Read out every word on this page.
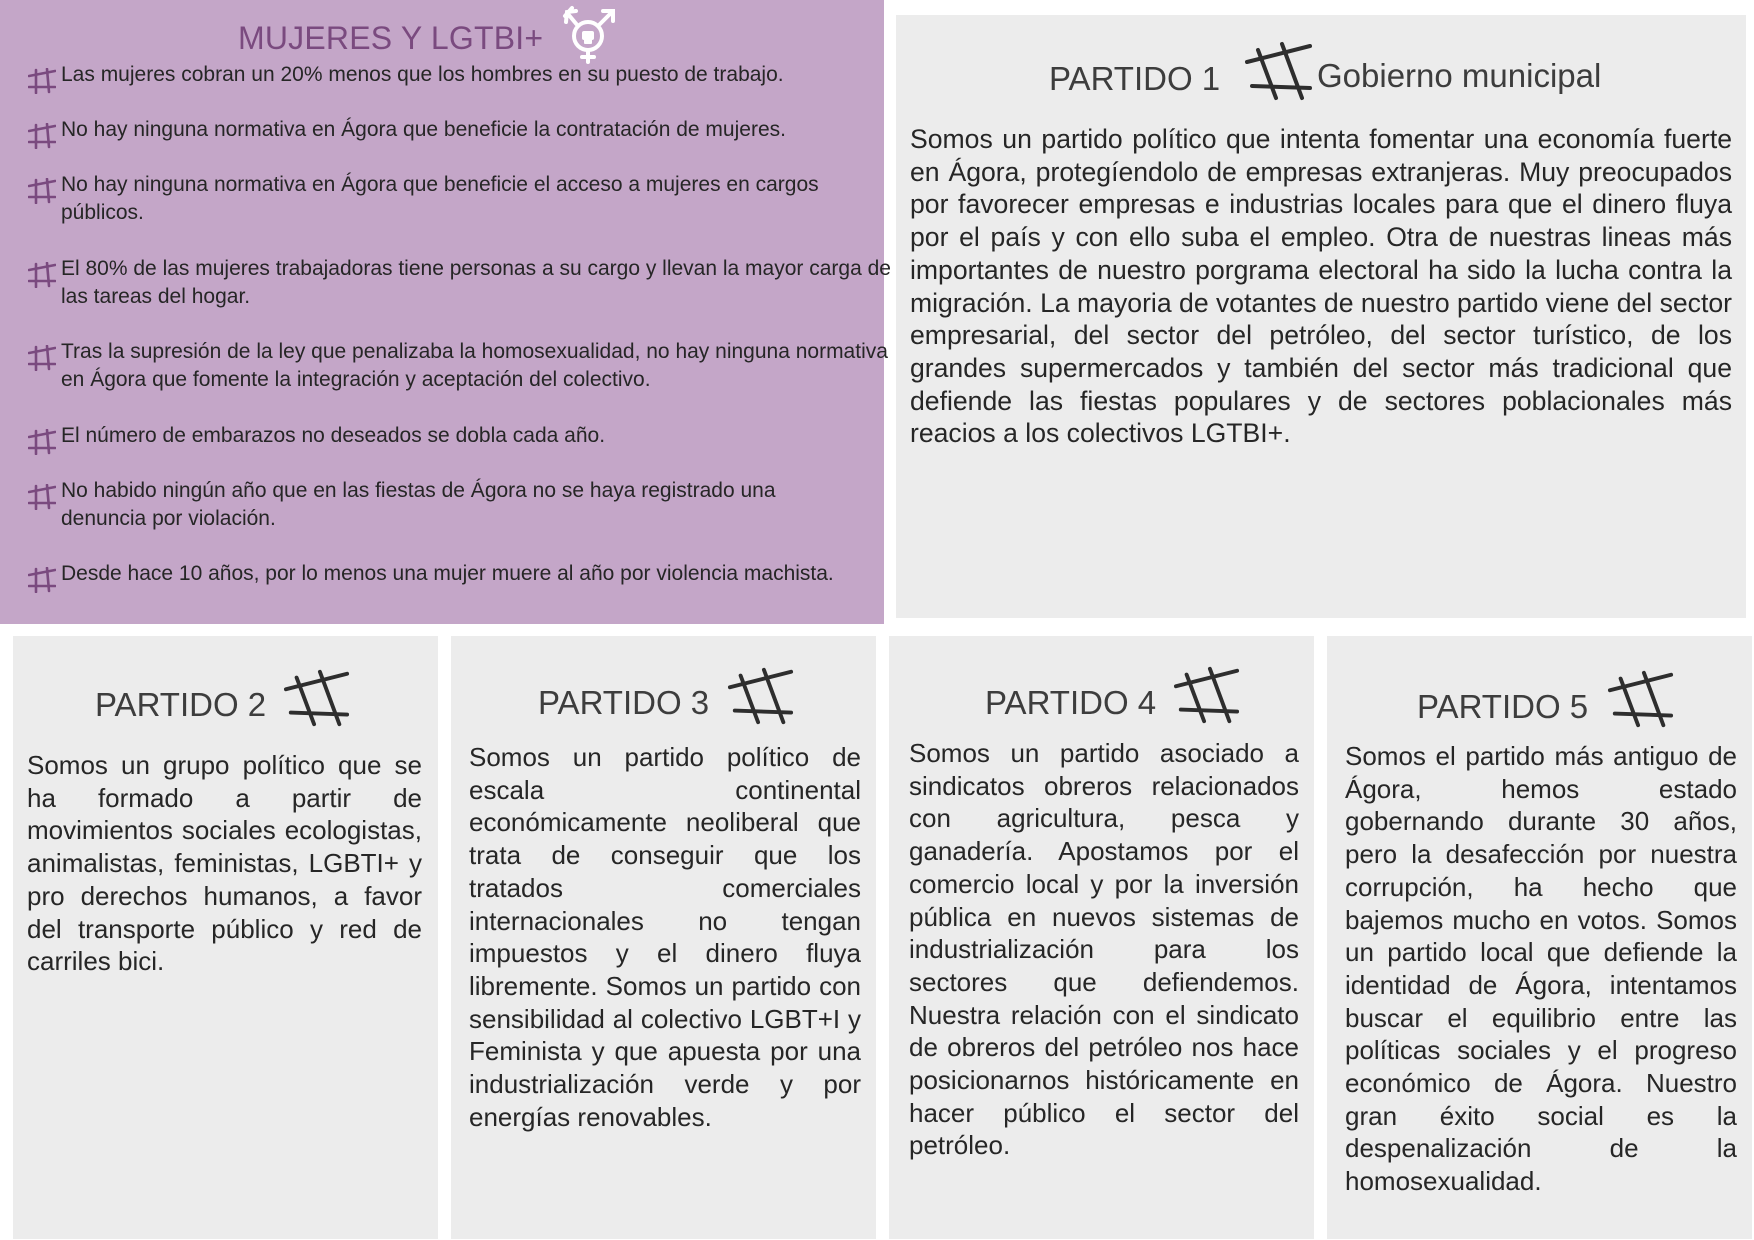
MUJERES Y LGTBI+
Las mujeres cobran un 20% menos que los hombres en su puesto de trabajo.
No hay ninguna normativa en Ágora que beneficie la contratación de mujeres.
No hay ninguna normativa en Ágora que beneficie el acceso a mujeres en cargos públicos.
El 80% de las mujeres trabajadoras tiene personas a su cargo y llevan la mayor carga de las tareas del hogar.
Tras la supresión de la ley que penalizaba la homosexualidad, no hay ninguna normativa en Ágora que fomente la integración y aceptación del colectivo.
El número de embarazos no deseados se dobla cada año.
No habido ningún año que en las fiestas de Ágora no se haya registrado una denuncia por violación.
Desde hace 10 años, por lo menos una mujer muere al año por violencia machista.
PARTIDO 1	Gobierno municipal
Somos un partido político que intenta fomentar una economía fuerte en Ágora, protegíendolo de empresas extranjeras. Muy preocupados por favorecer empresas e industrias locales para que el dinero fluya por el país y con ello suba el empleo. Otra de nuestras lineas más importantes de nuestro porgrama electoral ha sido la lucha contra la migración. La mayoria de votantes de nuestro partido viene del sector empresarial, del sector del petróleo, del sector turístico, de los grandes supermercados y también del sector más tradicional que defiende las fiestas populares y de sectores poblacionales más reacios a los colectivos LGTBI+.
PARTIDO 2
Somos un grupo político que se ha formado a partir de movimientos sociales ecologistas, animalistas, feministas, LGBTI+ y pro derechos humanos, a favor del transporte público y red de carriles bici.
PARTIDO 3
Somos un partido político de escala continental económicamente neoliberal que trata de conseguir que los tratados comerciales internacionales no tengan impuestos y el dinero fluya libremente. Somos un partido con sensibilidad al colectivo LGBT+I y Feminista y que apuesta por una industrialización verde y por energías renovables.
PARTIDO 4
Somos un partido asociado a sindicatos obreros relacionados con agricultura, pesca y ganadería. Apostamos por el comercio local y por la inversión pública en nuevos sistemas de industrialización para los sectores que defiendemos. Nuestra relación con el sindicato de obreros del petróleo nos hace posicionarnos históricamente en hacer público el sector del petróleo.
PARTIDO 5
Somos el partido más antiguo de Ágora, hemos estado gobernando durante 30 años, pero la desafección por nuestra corrupción, ha hecho que bajemos mucho en votos. Somos un partido local que defiende la identidad de Ágora, intentamos buscar el equilibrio entre las políticas sociales y el progreso económico de Ágora. Nuestro gran éxito social es la despenalización de la homosexualidad.
